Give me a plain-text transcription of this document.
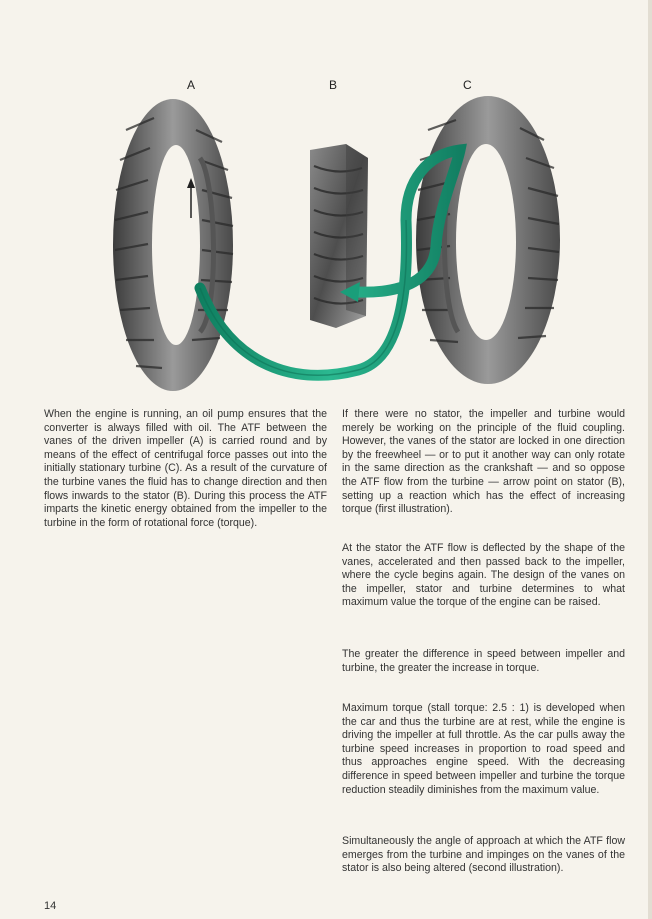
A	B	C

When the engine is running, an oil pump ensures that the converter is always filled with oil. The ATF between the vanes of the driven impeller (A) is carried round and by means of the effect of centrifugal force passes out into the initially stationary turbine (C). As a result of the curvature of the turbine vanes the fluid has to change direction and then flows inwards to the stator (B). During this process the ATF imparts the kinetic energy obtained from the impeller to the turbine in the form of rotational force (torque).

If there were no stator, the impeller and turbine would merely be working on the principle of the fluid coupling. However, the vanes of the stator are locked in one direction by the freewheel — or to put it another way can only rotate in the same direction as the crankshaft — and so oppose the ATF flow from the turbine — arrow point on stator (B), setting up a reaction which has the effect of increasing torque (first illustration).
At the stator the ATF flow is deflected by the shape of the vanes, accelerated and then passed back to the impeller, where the cycle begins again. The design of the vanes on the impeller, stator and turbine determines to what maximum value the torque of the engine can be raised.
The greater the difference in speed between impeller and turbine, the greater the increase in torque.
Maximum torque (stall torque: 2.5 : 1) is developed when the car and thus the turbine are at rest, while the engine is driving the impeller at full throttle. As the car pulls away the turbine speed increases in proportion to road speed and thus approaches engine speed. With the decreasing difference in speed between impeller and turbine the torque reduction steadily diminishes from the maximum value.
Simultaneously the angle of approach at which the ATF flow emerges from the turbine and impinges on the vanes of the stator is also being altered (second illustration).
14
